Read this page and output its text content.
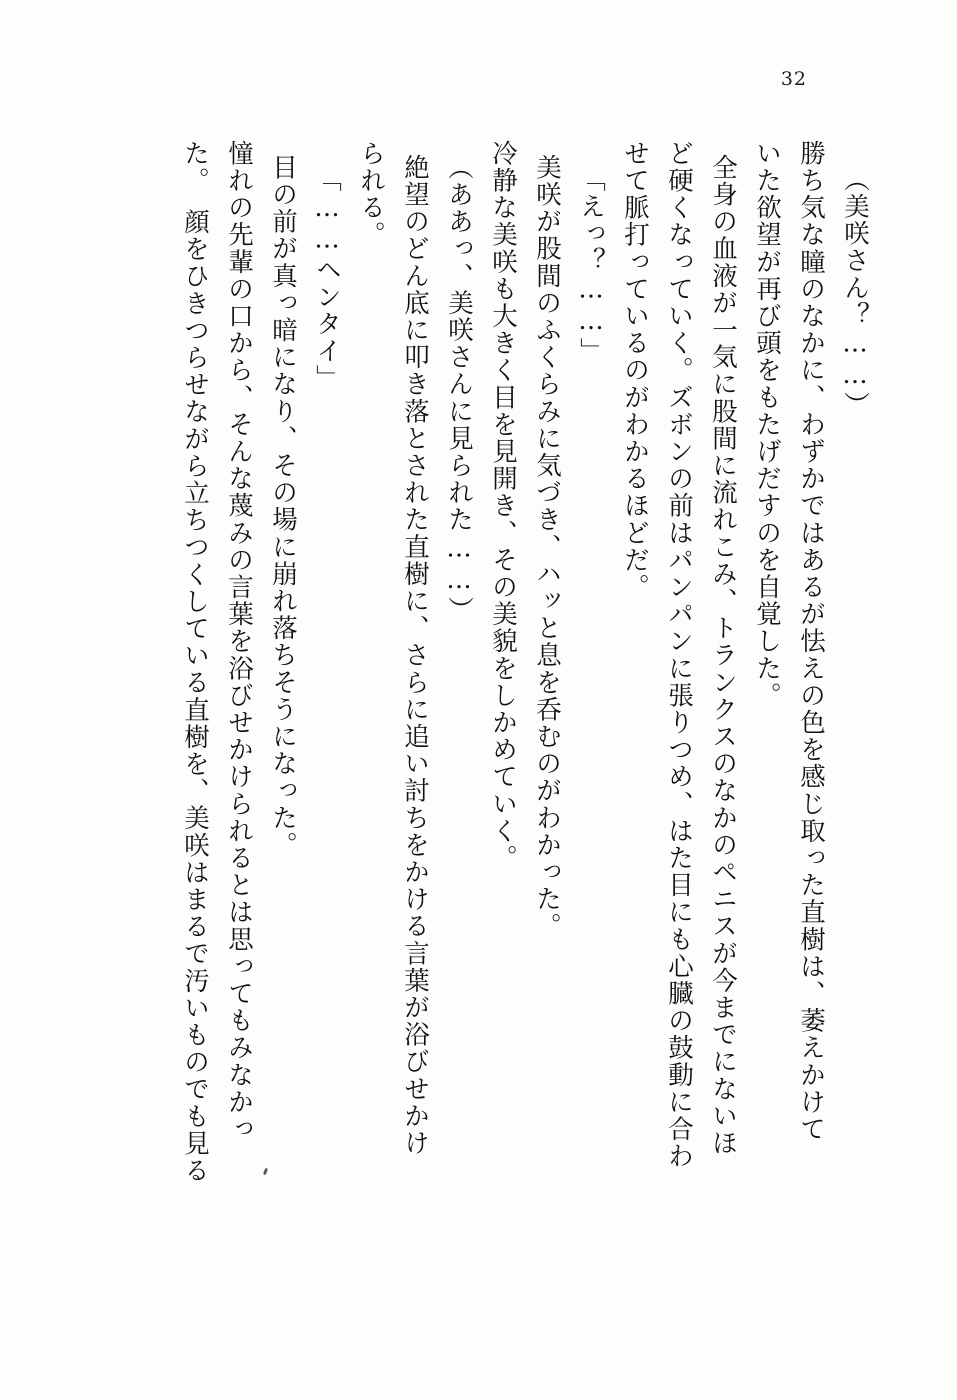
32
（美咲さん？……）
勝ち気な瞳のなかに、わずかではあるが怯えの色を感じ取った直樹は、萎えかけて
いた欲望が再び頭をもたげだすのを自覚した。
全身の血液が一気に股間に流れこみ、トランクスのなかのペニスが今までにないほ
ど硬くなっていく。ズボンの前はパンパンに張りつめ、はた目にも心臓の鼓動に合わ
せて脈打っているのがわかるほどだ。
「えっ？……」
美咲が股間のふくらみに気づき、ハッと息を呑むのがわかった。
冷静な美咲も大きく目を見開き、その美貌をしかめていく。
（ああっ、美咲さんに見られた……）
絶望のどん底に叩き落とされた直樹に、さらに追い討ちをかける言葉が浴びせかけ
られる。
「……ヘンタイ」
目の前が真っ暗になり、その場に崩れ落ちそうになった。
憧れの先輩の口から、そんな蔑みの言葉を浴びせかけられるとは思ってもみなかっ
た。　顔をひきつらせながら立ちつくしている直樹を、美咲はまるで汚いものでも見る
